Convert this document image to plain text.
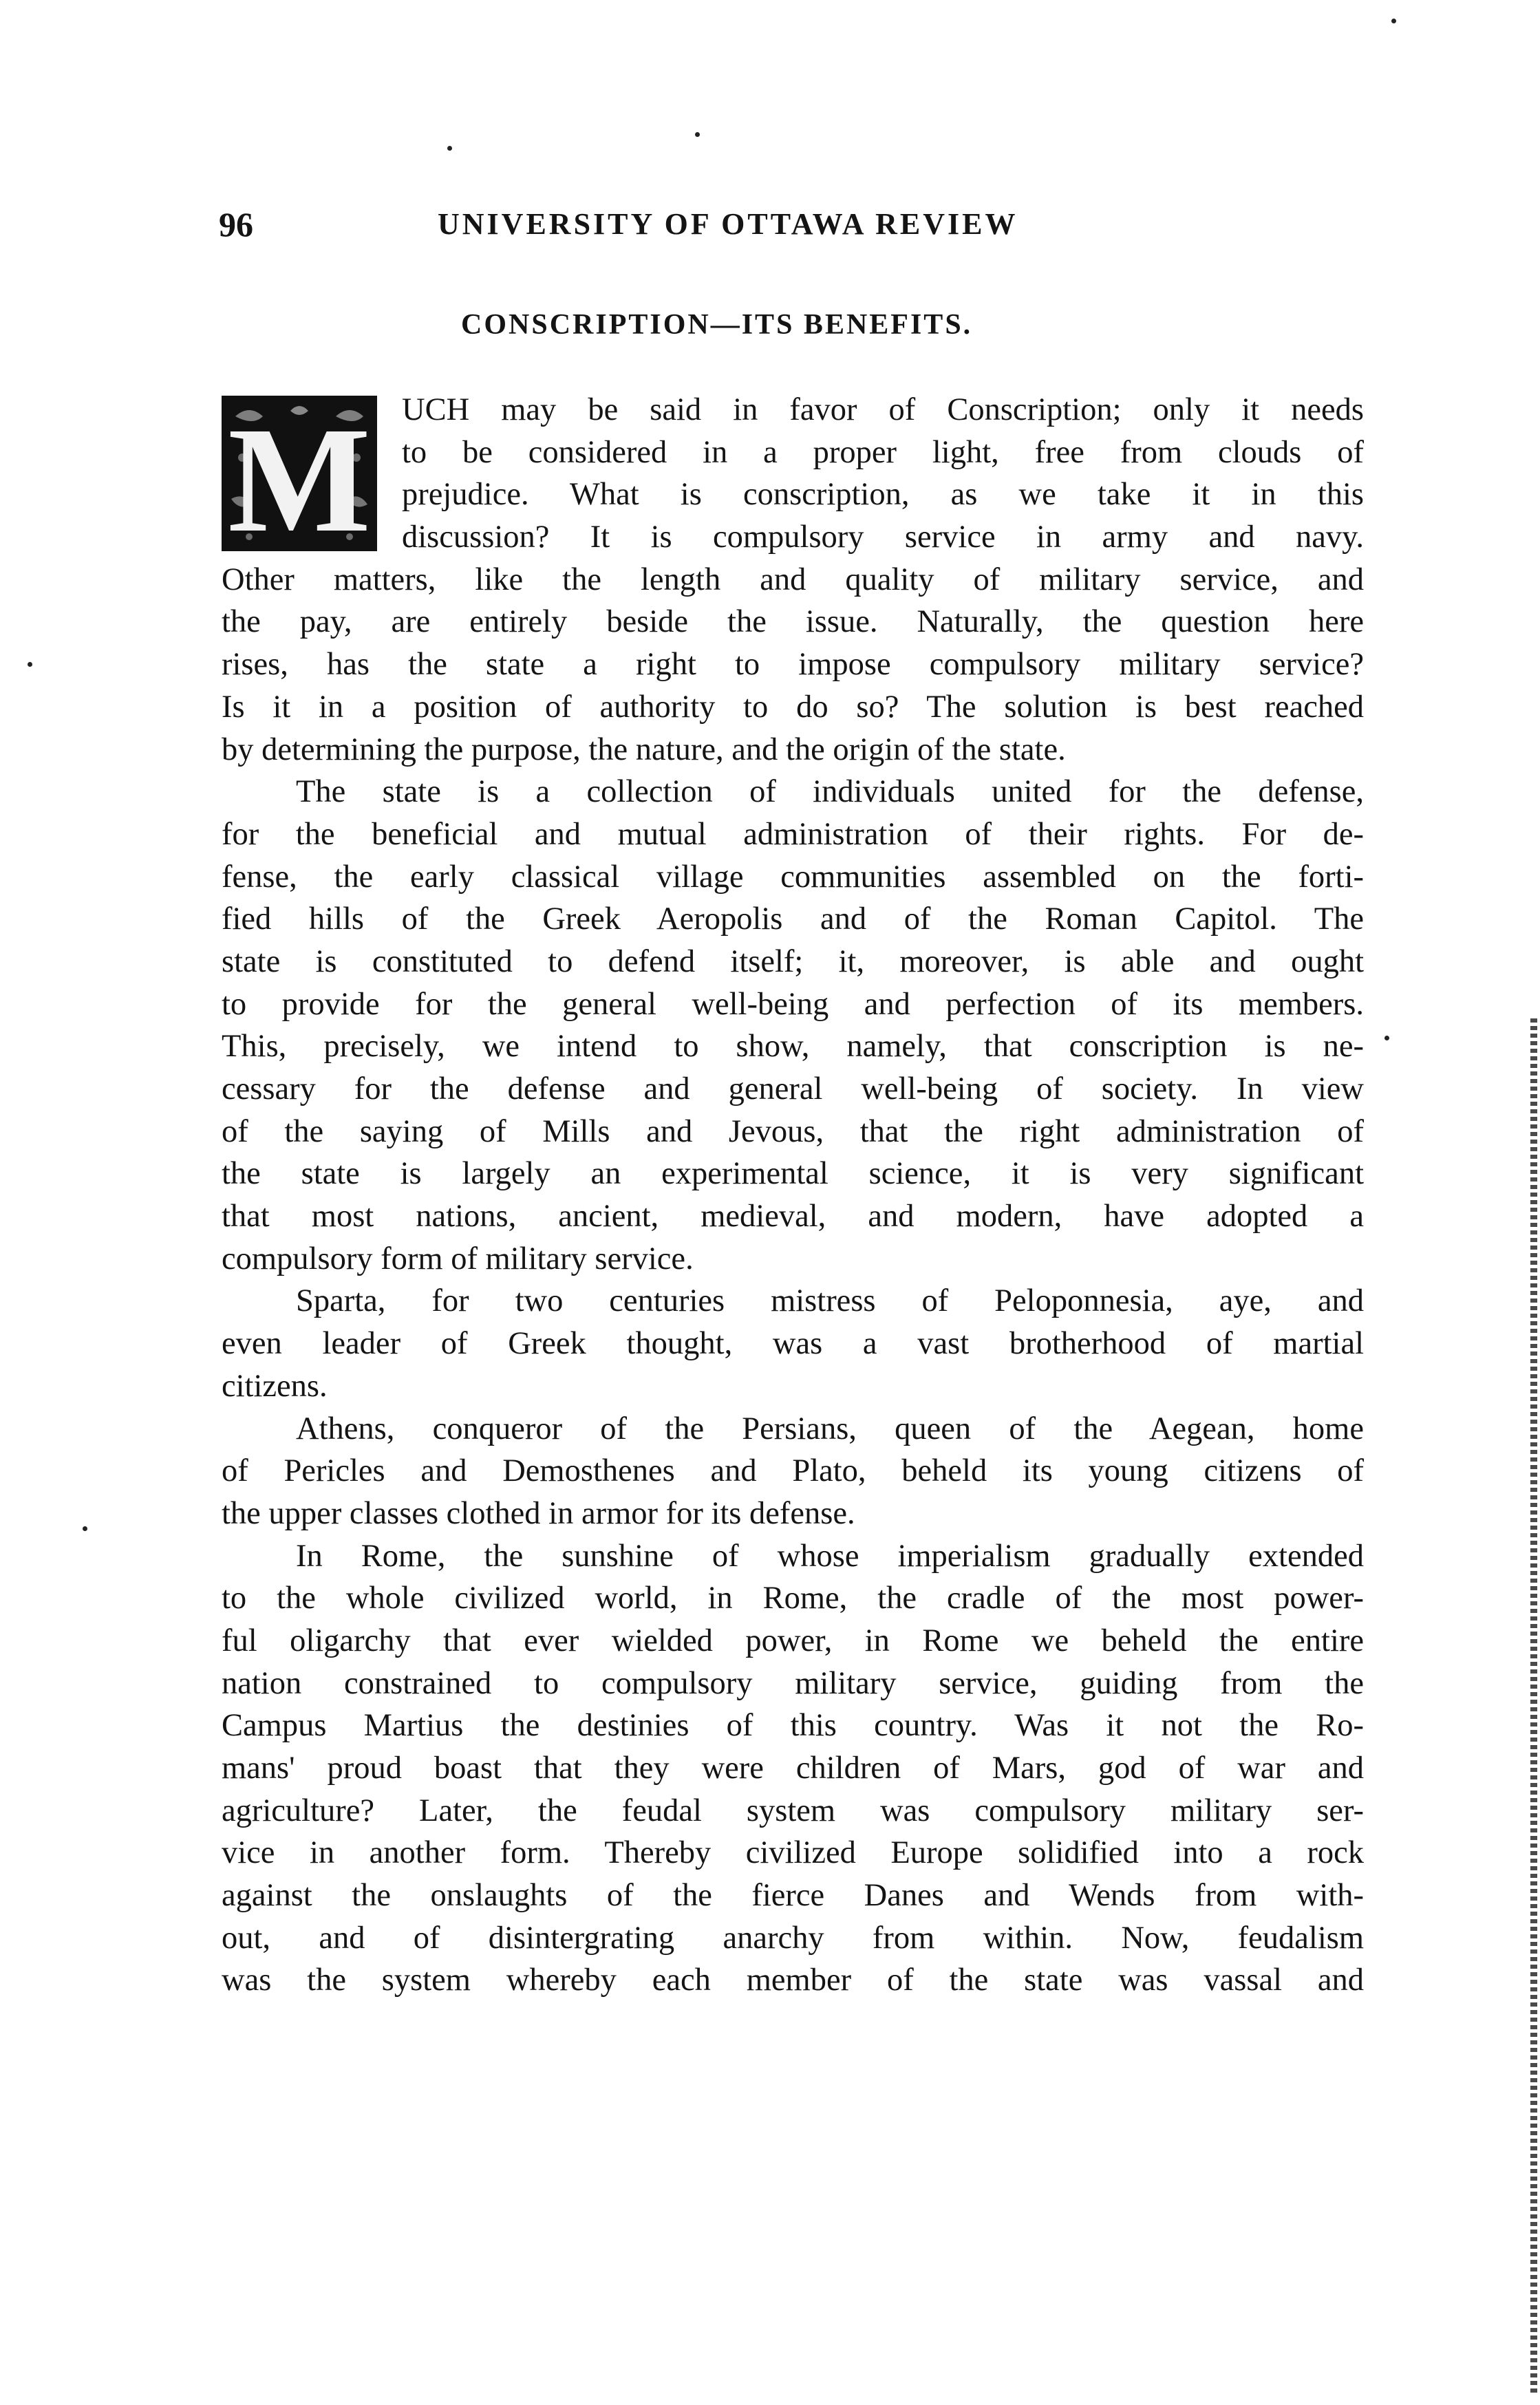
96	UNIVERSITY OF OTTAWA REVIEW
CONSCRIPTION—ITS BENEFITS.
M UCH may be said in favor of Conscription; only it needs
to be considered in a proper light, free from clouds of
prejudice. What is conscription, as we take it in this
discussion? It is compulsory service in army and navy.
Other matters, like the length and quality of military service, and
the pay, are entirely beside the issue. Naturally, the question here
rises, has the state a right to impose compulsory military service?
Is it in a position of authority to do so? The solution is best reached
by determining the purpose, the nature, and the origin of the state.
The state is a collection of individuals united for the defense,
for the beneficial and mutual administration of their rights. For de-
fense, the early classical village communities assembled on the forti-
fied hills of the Greek Aeropolis and of the Roman Capitol. The
state is constituted to defend itself; it, moreover, is able and ought
to provide for the general well-being and perfection of its members.
This, precisely, we intend to show, namely, that conscription is ne-
cessary for the defense and general well-being of society. In view
of the saying of Mills and Jevous, that the right administration of
the state is largely an experimental science, it is very significant
that most nations, ancient, medieval, and modern, have adopted a
compulsory form of military service.
Sparta, for two centuries mistress of Peloponnesia, aye, and
even leader of Greek thought, was a vast brotherhood of martial
citizens.
Athens, conqueror of the Persians, queen of the Aegean, home
of Pericles and Demosthenes and Plato, beheld its young citizens of
the upper classes clothed in armor for its defense.
In Rome, the sunshine of whose imperialism gradually extended
to the whole civilized world, in Rome, the cradle of the most power-
ful oligarchy that ever wielded power, in Rome we beheld the entire
nation constrained to compulsory military service, guiding from the
Campus Martius the destinies of this country. Was it not the Ro-
mans' proud boast that they were children of Mars, god of war and
agriculture? Later, the feudal system was compulsory military ser-
vice in another form. Thereby civilized Europe solidified into a rock
against the onslaughts of the fierce Danes and Wends from with-
out, and of disintergrating anarchy from within. Now, feudalism
was the system whereby each member of the state was vassal and
